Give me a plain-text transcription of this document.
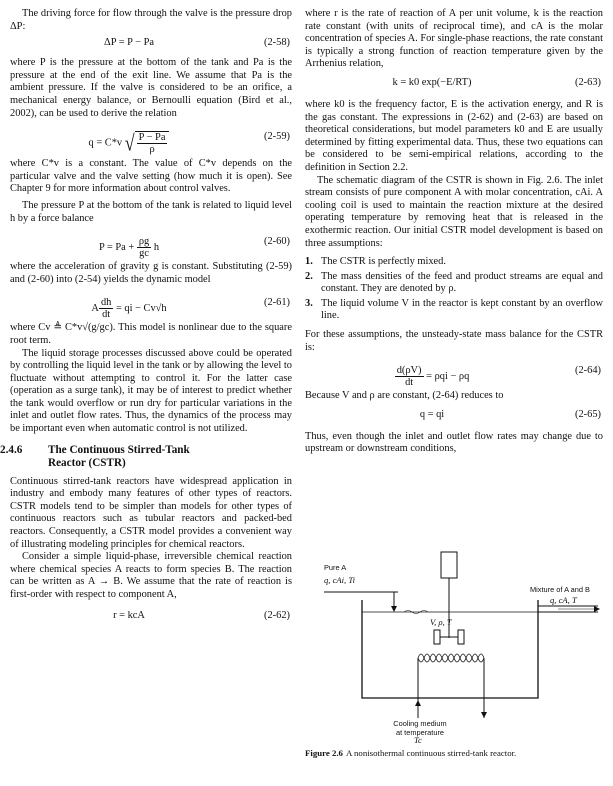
The driving force for flow through the valve is the pressure drop ΔP:

ΔP = P − Pa	(2-58)

where P is the pressure at the bottom of the tank and Pa is the pressure at the end of the exit line. We assume that Pa is the ambient pressure. If the valve is considered to be an orifice, a mechanical energy balance, or Bernoulli equation (Bird et al., 2002), can be used to derive the relation

q = C*v √ $\frac{P - Pa}{\rho}$	(2-59)

where C*v is a constant. The value of C*v depends on the particular valve and the valve setting (how much it is open). See Chapter 9 for more information about control valves.

The pressure P at the bottom of the tank is related to liquid level h by a force balance

$P = Pa + \frac{\rho g}{gc}$ h
(2-60)

where the acceleration of gravity g is constant. Substituting (2-59) and (2-60) into (2-54) yields the dynamic model

A $\frac{dh}{dt}$ = qi − Cv√h
(2-61)

where Cv ≜ C*v√(g/gc). This model is nonlinear due to the square root term.

The liquid storage processes discussed above could be operated by controlling the liquid level in the tank or by allowing the level to fluctuate without attempting to control it. For the latter case (operation as a surge tank), it may be of interest to predict whether the tank would overflow or run dry for particular variations in the inlet and outlet flow rates. Thus, the dynamics of the process may be important even when automatic control is not utilized.

2.4.6 The Continuous Stirred-Tank
Reactor (CSTR)

Continuous stirred-tank reactors have widespread application in industry and embody many features of other types of reactors. CSTR models tend to be simpler than models for other types of continuous reactors such as tubular reactors and packed-bed reactors. Consequently, a CSTR model provides a convenient way of illustrating modeling principles for chemical reactors.

Consider a simple liquid-phase, irreversible chemical reaction where chemical species A reacts to form species B. The reaction can be written as A → B. We assume that the rate of reaction is first-order with respect to component A,

r = kcA	(2-62)

where r is the rate of reaction of A per unit volume, k is the reaction rate constant (with units of reciprocal time), and cA is the molar concentration of species A. For single-phase reactions, the rate constant is typically a strong function of reaction temperature given by the Arrhenius relation,

k = k0 exp(−E/RT)	(2-63)

where k0 is the frequency factor, E is the activation energy, and R is the gas constant. The expressions in (2-62) and (2-63) are based on theoretical considerations, but model parameters k0 and E are usually determined by fitting experimental data. Thus, these two equations can be considered to be semi-empirical relations, according to the definition in Section 2.2.

The schematic diagram of the CSTR is shown in Fig. 2.6. The inlet stream consists of pure component A with molar concentration, cAi. A cooling coil is used to maintain the reaction mixture at the desired operating temperature by removing heat that is released in the exothermic reaction. Our initial CSTR model development is based on three assumptions:

1. The CSTR is perfectly mixed.
2. The mass densities of the feed and product streams are equal and constant. They are denoted by ρ.
3. The liquid volume V in the reactor is kept constant by an overflow line.

For these assumptions, the unsteady-state mass balance for the CSTR is:

$\frac{d(\rho V)}{dt} = \rho qi - \rho q$
(2-64)

Because V and ρ are constant, (2-64) reduces to

q = qi	(2-65)

Thus, even though the inlet and outlet flow rates may change due to upstream or downstream conditions,

Pure A
q, cAi, Ti
Mixture of A and B
q, cA, T
V, ρ, T
Cooling medium
at temperature
Tc
Figure 2.6 A nonisothermal continuous stirred-tank reactor.
